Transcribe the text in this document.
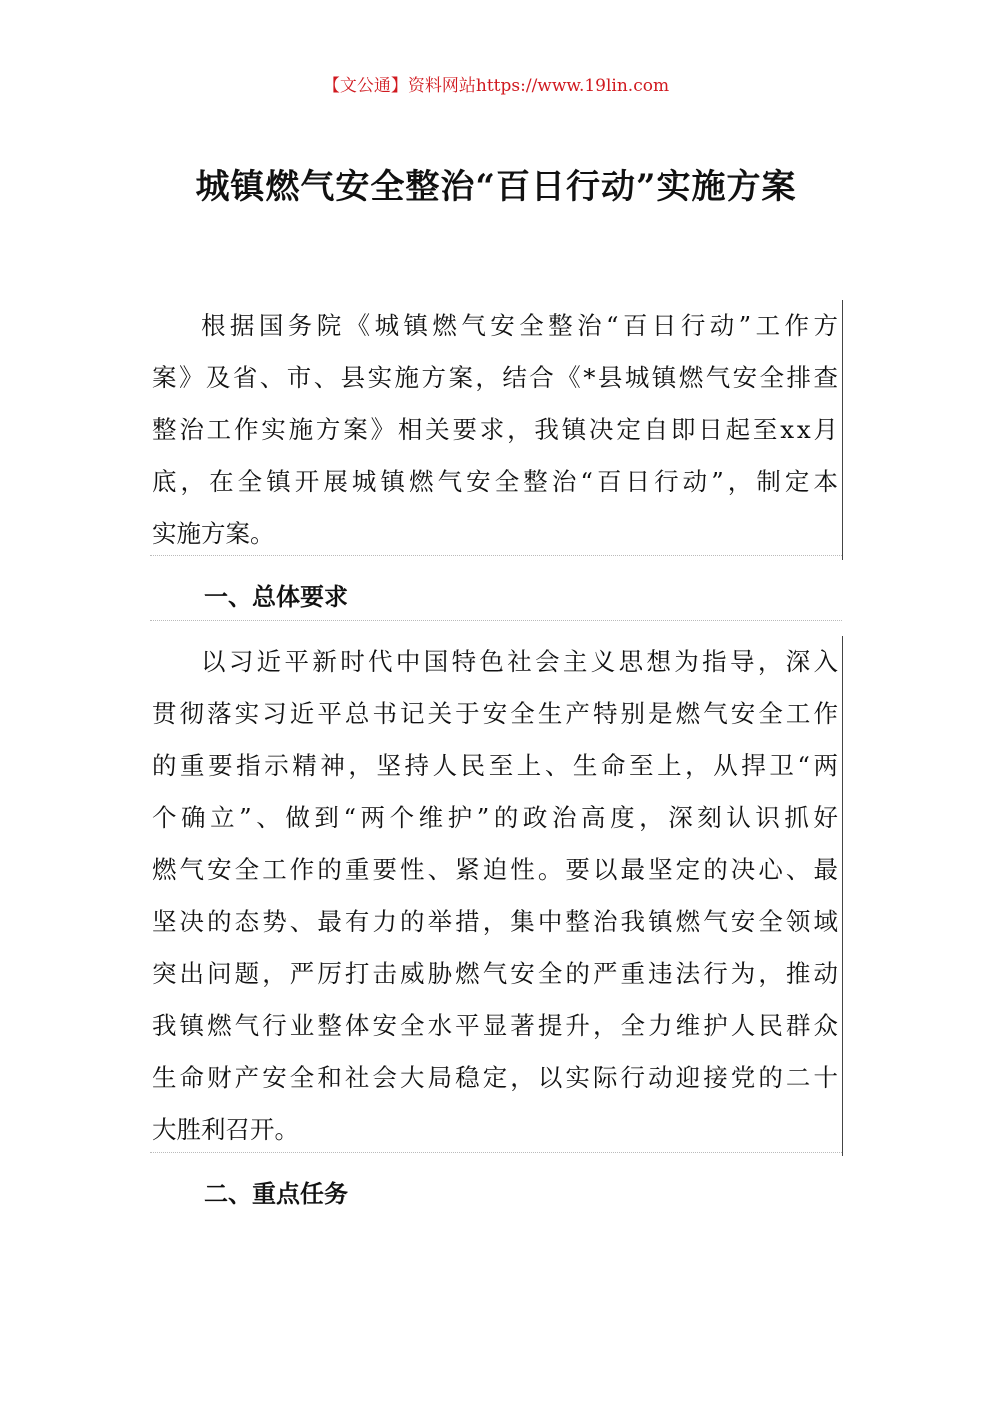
【文公通】资料网站https://www.19lin.com
城镇燃气安全整治“百日行动”实施方案

根据国务院《城镇燃气安全整治“百日行动”工作方
案》及省、市、县实施方案，结合《*县城镇燃气安全排查
整治工作实施方案》相关要求，我镇决定自即日起至xx月
底，在全镇开展城镇燃气安全整治“百日行动”，制定本
实施方案。

一、总体要求

以习近平新时代中国特色社会主义思想为指导，深入
贯彻落实习近平总书记关于安全生产特别是燃气安全工作
的重要指示精神，坚持人民至上、生命至上，从捍卫“两
个确立”、做到“两个维护”的政治高度，深刻认识抓好
燃气安全工作的重要性、紧迫性。要以最坚定的决心、最
坚决的态势、最有力的举措，集中整治我镇燃气安全领域
突出问题，严厉打击威胁燃气安全的严重违法行为，推动
我镇燃气行业整体安全水平显著提升，全力维护人民群众
生命财产安全和社会大局稳定，以实际行动迎接党的二十
大胜利召开。

二、重点任务
